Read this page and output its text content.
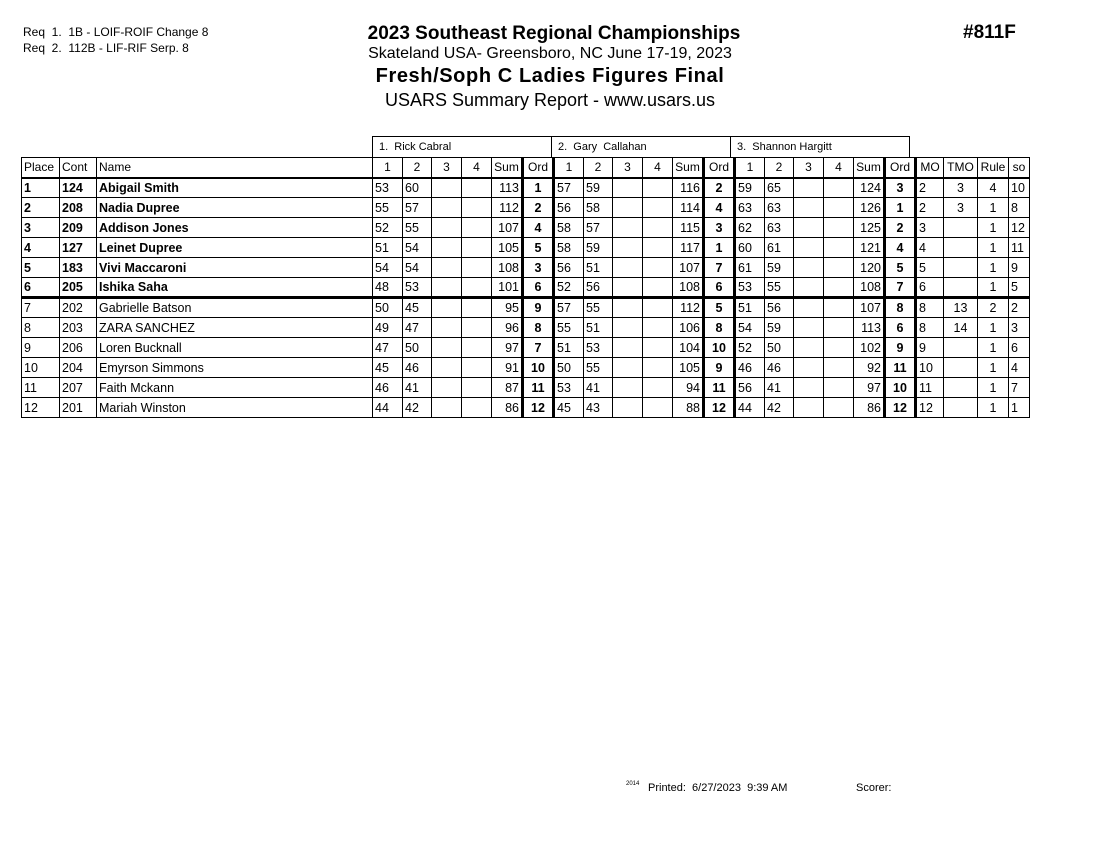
Req  1.  1B - LOIF-ROIF Change 8
Req  2.  112B - LIF-RIF Serp. 8
#811F
2023 Southeast Regional Championships
Skateland USA- Greensboro, NC June 17-19, 2023
Fresh/Soph C Ladies Figures Final
USARS Summary Report - www.usars.us
1.  Rick Cabral	2.  Gary  Callahan	3.  Shannon Hargitt
Place	Cont	Name	1	2	3	4	Sum	Ord	1	2	3	4	Sum	Ord	1	2	3	4	Sum	Ord	MO	TMO	Rule	so
1	124	Abigail Smith	53	60			113	1	57	59			116	2	59	65			124	3	2	3	4	10
2	208	Nadia Dupree	55	57			112	2	56	58			114	4	63	63			126	1	2	3	1	8
3	209	Addison Jones	52	55			107	4	58	57			115	3	62	63			125	2	3		1	12
4	127	Leinet Dupree	51	54			105	5	58	59			117	1	60	61			121	4	4		1	11
5	183	Vivi Maccaroni	54	54			108	3	56	51			107	7	61	59			120	5	5		1	9
6	205	Ishika Saha	48	53			101	6	52	56			108	6	53	55			108	7	6		1	5
7	202	Gabrielle Batson	50	45			95	9	57	55			112	5	51	56			107	8	8	13	2	2
8	203	ZARA SANCHEZ	49	47			96	8	55	51			106	8	54	59			113	6	8	14	1	3
9	206	Loren Bucknall	47	50			97	7	51	53			104	10	52	50			102	9	9		1	6
10	204	Emyrson Simmons	45	46			91	10	50	55			105	9	46	46			92	11	10		1	4
11	207	Faith Mckann	46	41			87	11	53	41			94	11	56	41			97	10	11		1	7
12	201	Mariah Winston	44	42			86	12	45	43			88	12	44	42			86	12	12		1	1
2014 Printed:  6/27/2023  9:39 AM	Scorer:
